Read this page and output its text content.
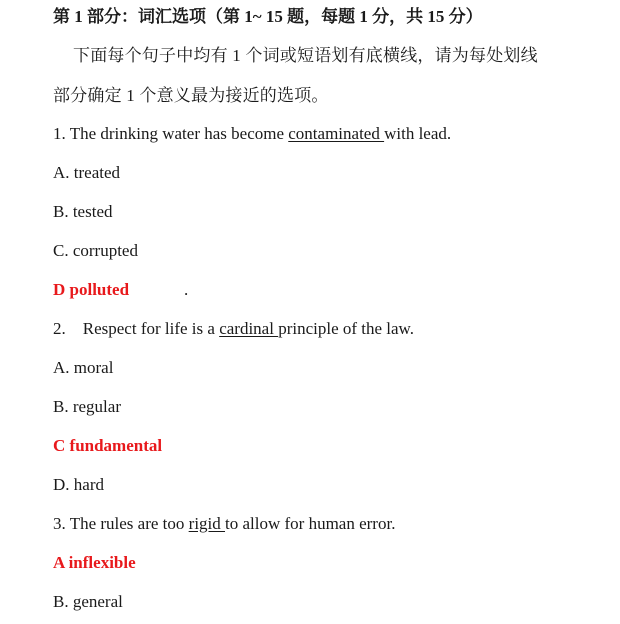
第 1 部分：词汇选项（第 1~ 15 题，每题 1 分，共 15 分）
下面每个句子中均有 1 个词或短语划有底横线，请为每处划线
部分确定 1 个意义最为接近的选项。
1. The drinking water has become contaminated with lead.
A. treated
B. tested
C. corrupted
D polluted	.
2.    Respect for life is a cardinal principle of the law.
A. moral
B. regular
C fundamental
D. hard
3. The rules are too rigid to allow for human error.
A inflexible
B. general
